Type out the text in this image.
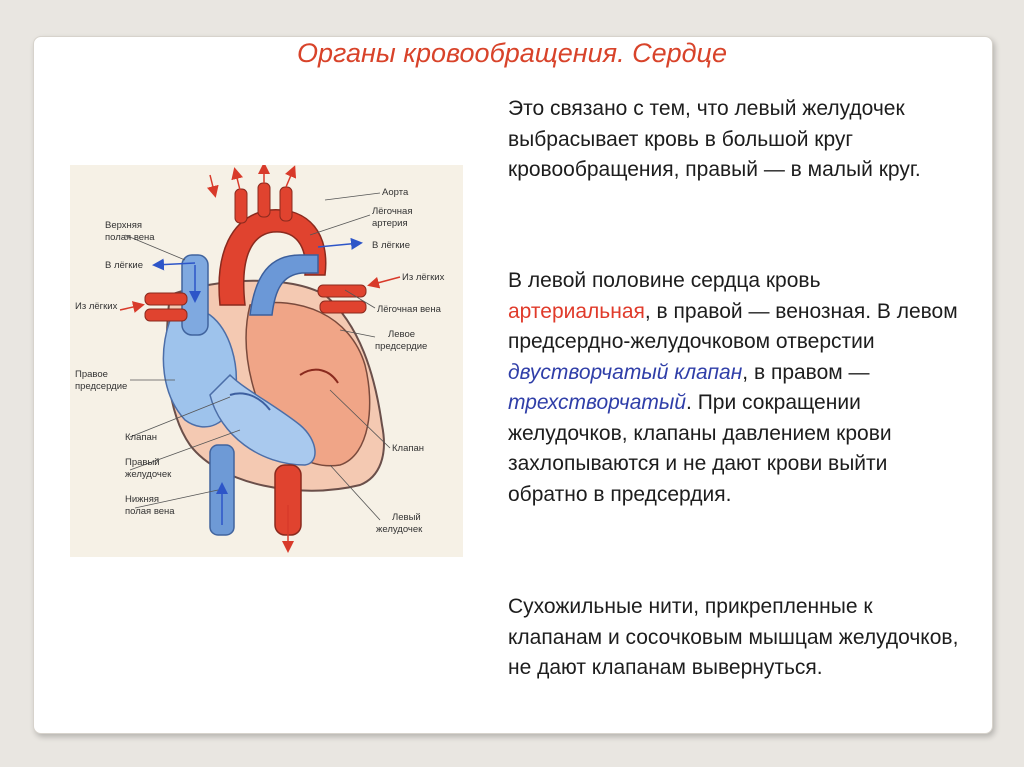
Органы кровообращения. Сердце
Это связано с тем, что левый желудочек выбрасывает кровь в большой круг кровообращения, правый — в малый круг.
В левой половине сердца кровь артериальная, в правой — венозная. В левом предсердно-желудочковом отверстии двустворчатый клапан, в правом — трехстворчатый. При сокращении желудочков, клапаны давлением крови захлопываются и не дают крови выйти обратно в предсердия.
Сухожильные нити, прикрепленные к клапанам и сосочковым мышцам желудочков, не дают клапанам вывернуться.
Аорта
Лёгочная
артерия
В лёгкие
Из лёгких
Лёгочная вена
Левое
предсердие
Клапан
Левый
желудочек
Верхняя
полая вена
В лёгкие
Из лёгких
Правое
предсердие
Клапан
Правый
желудочек
Нижняя
полая вена
